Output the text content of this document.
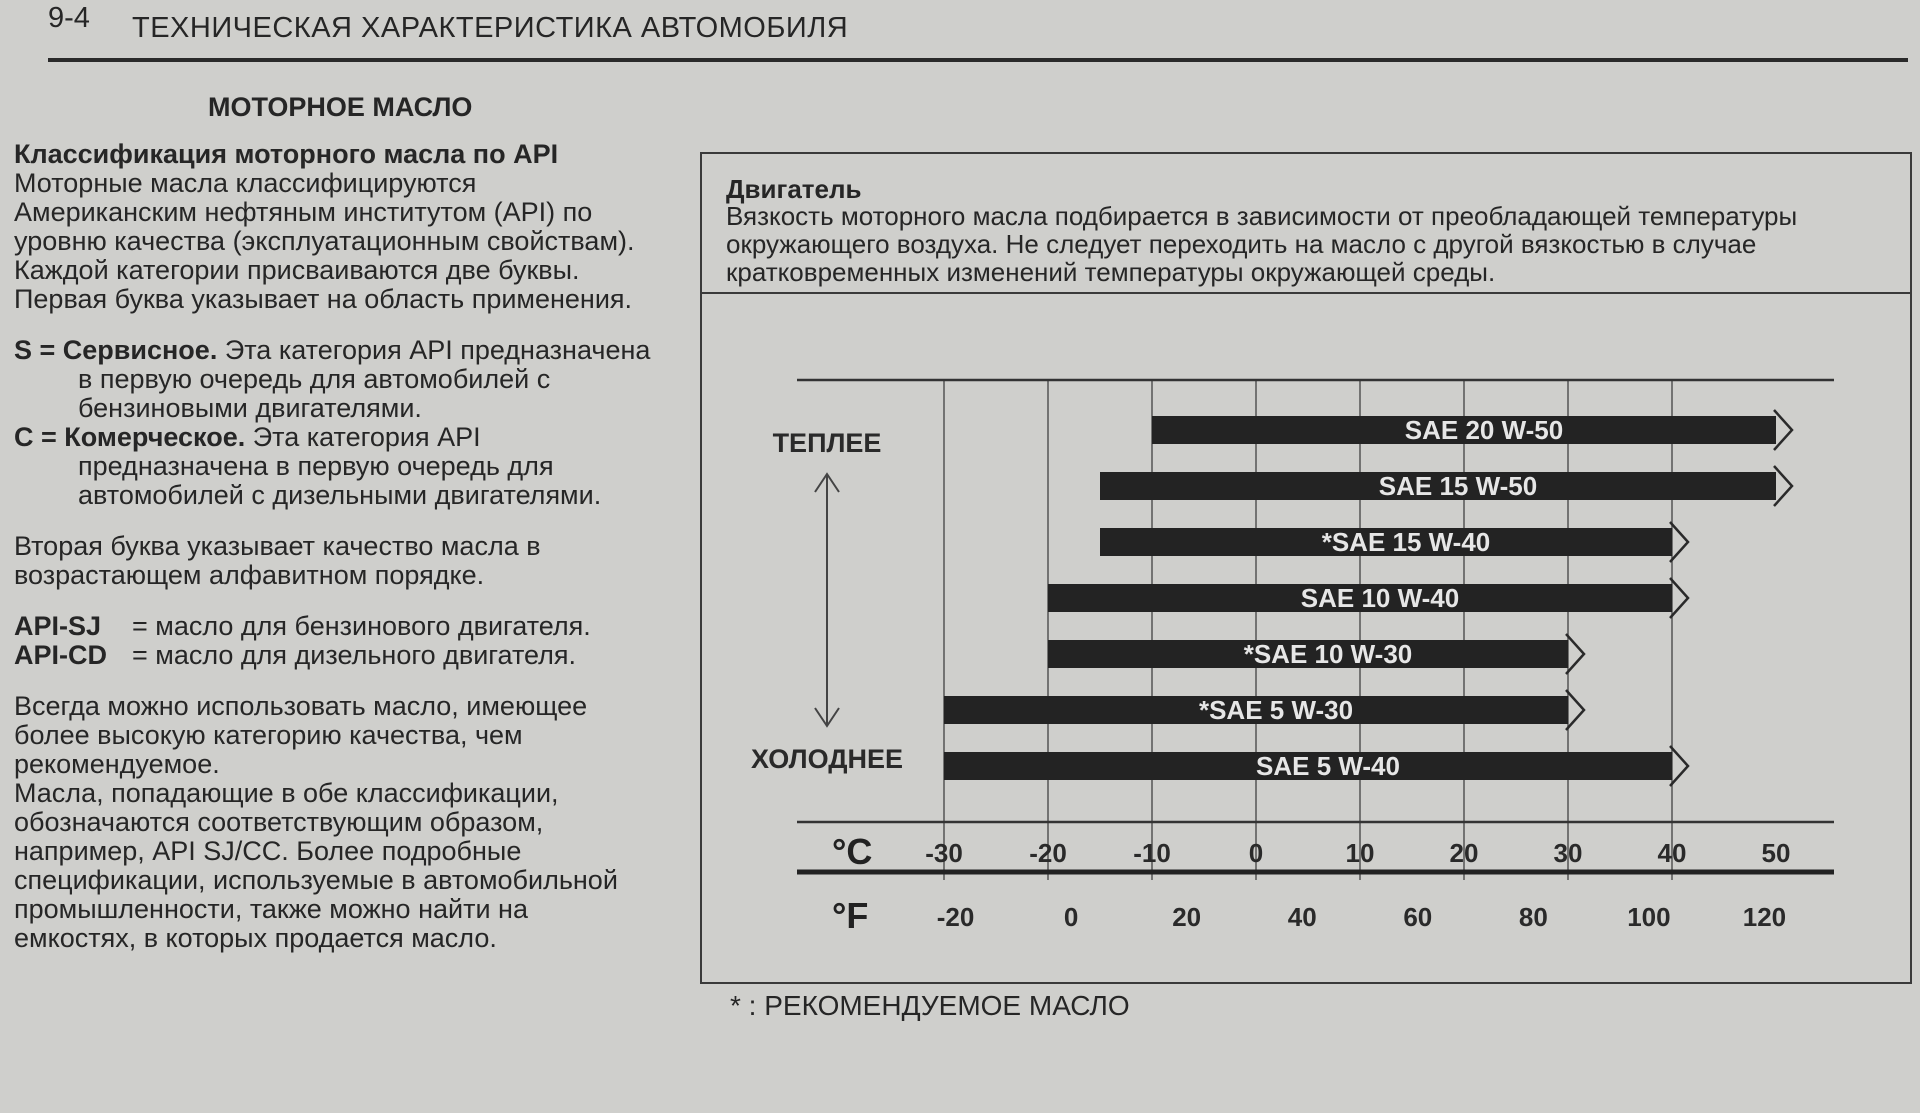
9-4 ТЕХНИЧЕСКАЯ ХАРАКТЕРИСТИКА АВТОМОБИЛЯ
МОТОРНОЕ МАСЛО

Классификация моторного масла по API

Моторные масла классифицируются Американским нефтяным институтом (API) по уровню качества (эксплуатационным свойствам). Каждой категории присваиваются две буквы. Первая буква указывает на область применения.

S = Сервисное. Эта категория API предназначена в первую очередь для автомобилей с бензиновыми двигателями.

C = Комерческое. Эта категория API предназначена в первую очередь для автомобилей с дизельными двигателями.

Вторая буква указывает качество масла в возрастающем алфавитном порядке.

API-SJ	= масло для бензинового двигателя.

API-CD = масло для дизельного двигателя.

Всегда можно использовать масло, имеющее более высокую категорию качества, чем рекомендуемое.

Масла, попадающие в обе классификации, обозначаются соответствующим образом, например, API SJ/CC. Более подробные спецификации, используемые в автомобильной промышленности, также можно найти на емкостях, в которых продается масло.

Двигатель
Вязкость моторного масла подбирается в зависимости от преобладающей температуры окружающего воздуха. Не следует переходить на масло с другой вязкостью в случае кратковременных изменений температуры окружающей среды.
°C
°F
-30	-20	-10	0	10	20	30	40	50
-20	0	20	40	60	80	100	120
ТЕПЛЕЕ
ХОЛОДНЕЕ
SAE 20 W-50
SAE 15 W-50
*SAE 15 W-40
SAE 10 W-40
*SAE 10 W-30
*SAE 5 W-30
SAE 5 W-40
* : РЕКОМЕНДУЕМОЕ МАСЛО
